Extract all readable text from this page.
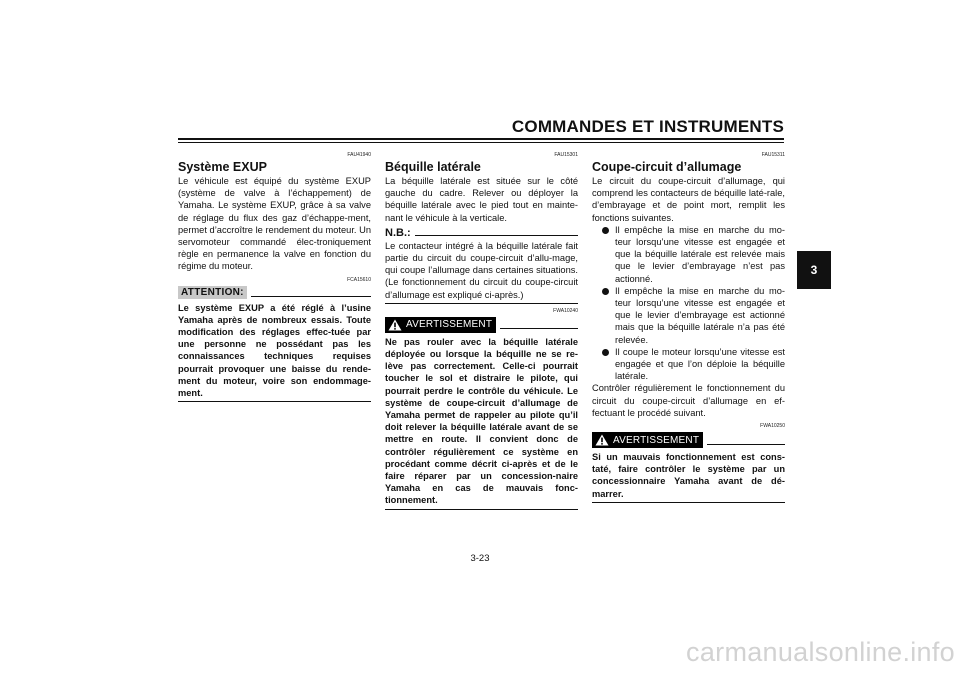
COMMANDES ET INSTRUMENTS
3
FAU41940
Système EXUP

Le véhicule est équipé du système EXUP (système de valve à l’échappement) de Yamaha. Le système EXUP, grâce à sa valve de réglage du flux des gaz d’échappe-ment, permet d’accroître le rendement du moteur. Un servomoteur commandé élec-troniquement règle en permanence la valve en fonction du régime du moteur.

FCA15610
ATTENTION:

Le système EXUP a été réglé à l’usine Yamaha après de nombreux essais. Toute modification des réglages effec-tuée par une personne ne possédant pas les connaissances techniques requises pourrait provoquer une baisse du rende-ment du moteur, voire son endommage-ment.

FAU15301
Béquille latérale

La béquille latérale est située sur le côté gauche du cadre. Relever ou déployer la béquille latérale avec le pied tout en mainte-nant le véhicule à la verticale.

N.B.:

Le contacteur intégré à la béquille latérale fait partie du circuit du coupe-circuit d’allu-mage, qui coupe l’allumage dans certaines situations. (Le fonctionnement du circuit du coupe-circuit d’allumage est expliqué ci-après.)

FWA10240
AVERTISSEMENT

Ne pas rouler avec la béquille latérale déployée ou lorsque la béquille ne se re-lève pas correctement. Celle-ci pourrait toucher le sol et distraire le pilote, qui pourrait perdre le contrôle du véhicule. Le système de coupe-circuit d’allumage de Yamaha permet de rappeler au pilote qu’il doit relever la béquille latérale avant de se mettre en route. Il convient donc de contrôler régulièrement ce système en procédant comme décrit ci-après et de le faire réparer par un concession-naire Yamaha en cas de mauvais fonc-tionnement.

FAU15311
Coupe-circuit d’allumage

Le circuit du coupe-circuit d’allumage, qui comprend les contacteurs de béquille laté-rale, d’embrayage et de point mort, remplit les fonctions suivantes.

Il empêche la mise en marche du mo-teur lorsqu’une vitesse est engagée et que la béquille latérale est relevée mais que le levier d’embrayage n’est pas actionné.
Il empêche la mise en marche du mo-teur lorsqu’une vitesse est engagée et que le levier d’embrayage est actionné mais que la béquille latérale n’a pas été relevée.
Il coupe le moteur lorsqu’une vitesse est engagée et que l’on déploie la béquille latérale.

Contrôler régulièrement le fonctionnement du circuit du coupe-circuit d’allumage en ef-fectuant le procédé suivant.

FWA10250
AVERTISSEMENT

Si un mauvais fonctionnement est cons-taté, faire contrôler le système par un concessionnaire Yamaha avant de dé-marrer.

3-23
carmanualsonline.info
